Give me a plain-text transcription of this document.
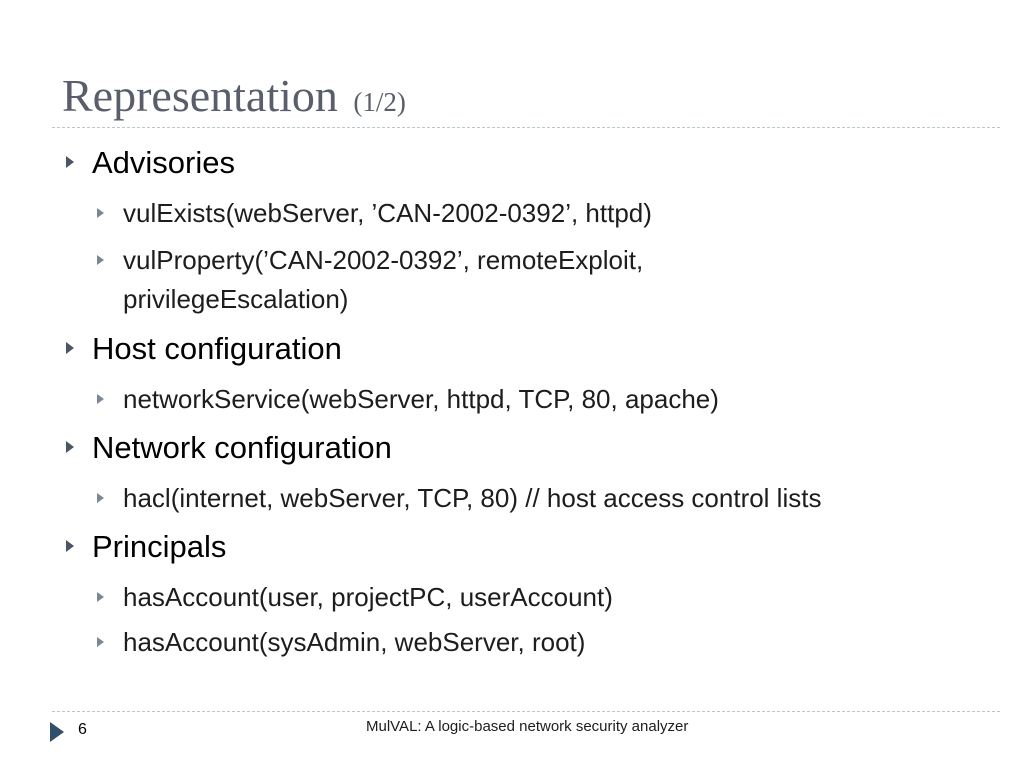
Representation (1/2)
Advisories
vulExists(webServer, ’CAN-2002-0392’, httpd)
vulProperty(’CAN-2002-0392’, remoteExploit,
privilegeEscalation)
Host configuration
networkService(webServer, httpd, TCP, 80, apache)
Network configuration
hacl(internet, webServer, TCP, 80) // host access control lists
Principals
hasAccount(user, projectPC, userAccount)
hasAccount(sysAdmin, webServer, root)
6	MulVAL: A logic-based network security analyzer
